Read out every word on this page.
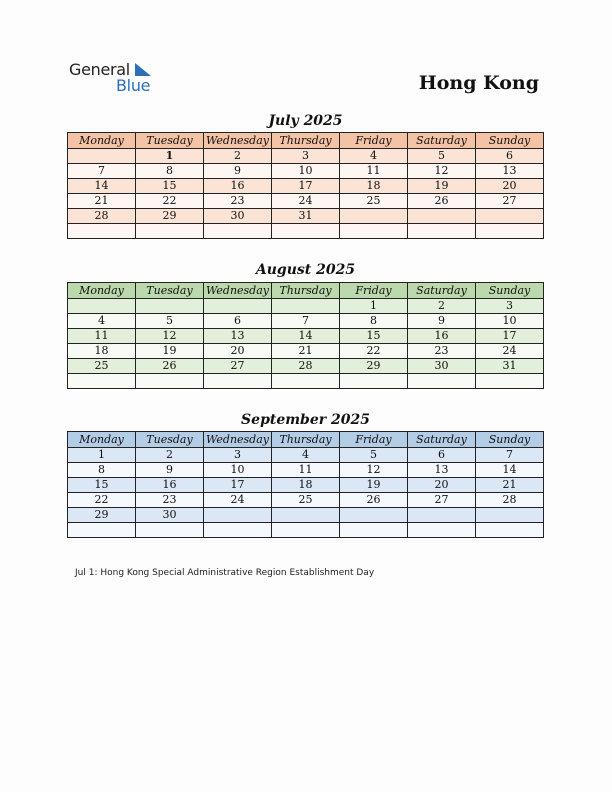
General
Blue	Hong Kong
July 2025
Monday	Tuesday	Wednesday	Thursday	Friday	Saturday	Sunday
	1	2	3	4	5	6
7	8	9	10	11	12	13
14	15	16	17	18	19	20
21	22	23	24	25	26	27
28	29	30	31			

August 2025
Monday	Tuesday	Wednesday	Thursday	Friday	Saturday	Sunday
				1	2	3
4	5	6	7	8	9	10
11	12	13	14	15	16	17
18	19	20	21	22	23	24
25	26	27	28	29	30	31

September 2025
Monday	Tuesday	Wednesday	Thursday	Friday	Saturday	Sunday
1	2	3	4	5	6	7
8	9	10	11	12	13	14
15	16	17	18	19	20	21
22	23	24	25	26	27	28
29	30					

Jul 1: Hong Kong Special Administrative Region Establishment Day
